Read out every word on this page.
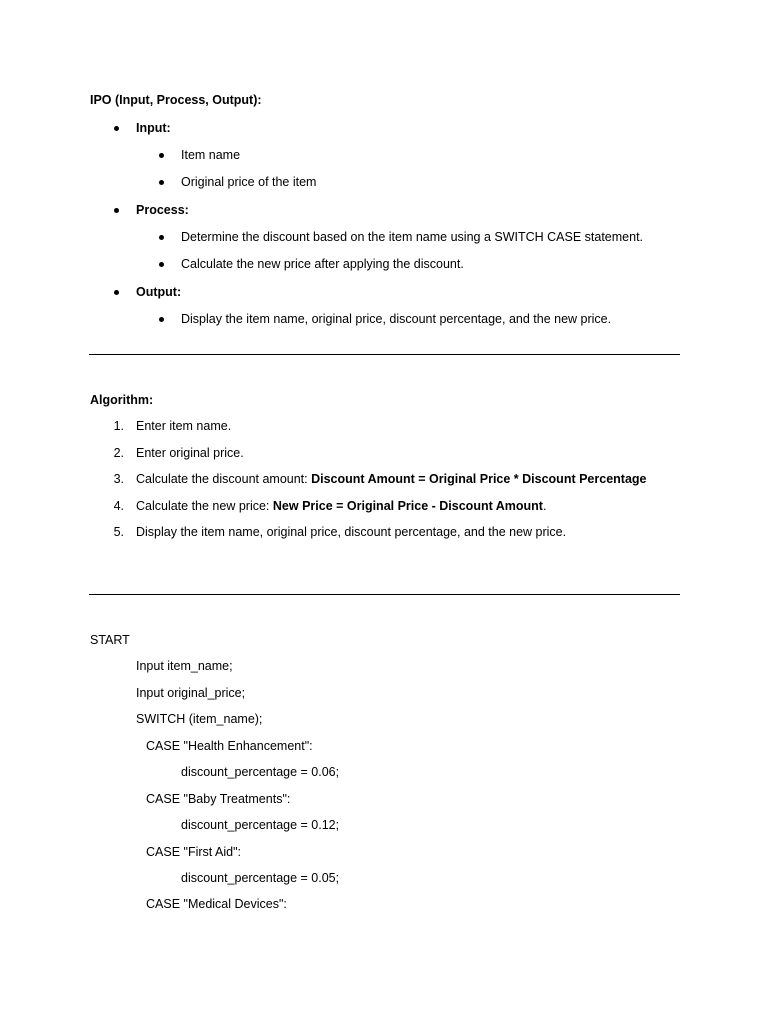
IPO (Input, Process, Output):
Input:
Item name
Original price of the item
Process:
Determine the discount based on the item name using a SWITCH CASE statement.
Calculate the new price after applying the discount.
Output:
Display the item name, original price, discount percentage, and the new price.
Algorithm:
1. Enter item name.
2. Enter original price.
3. Calculate the discount amount: Discount Amount = Original Price * Discount Percentage
4. Calculate the new price: New Price = Original Price - Discount Amount.
5. Display the item name, original price, discount percentage, and the new price.
START
Input item_name;
Input original_price;
SWITCH (item_name);
CASE "Health Enhancement":
discount_percentage = 0.06;
CASE "Baby Treatments":
discount_percentage = 0.12;
CASE "First Aid":
discount_percentage = 0.05;
CASE "Medical Devices":
